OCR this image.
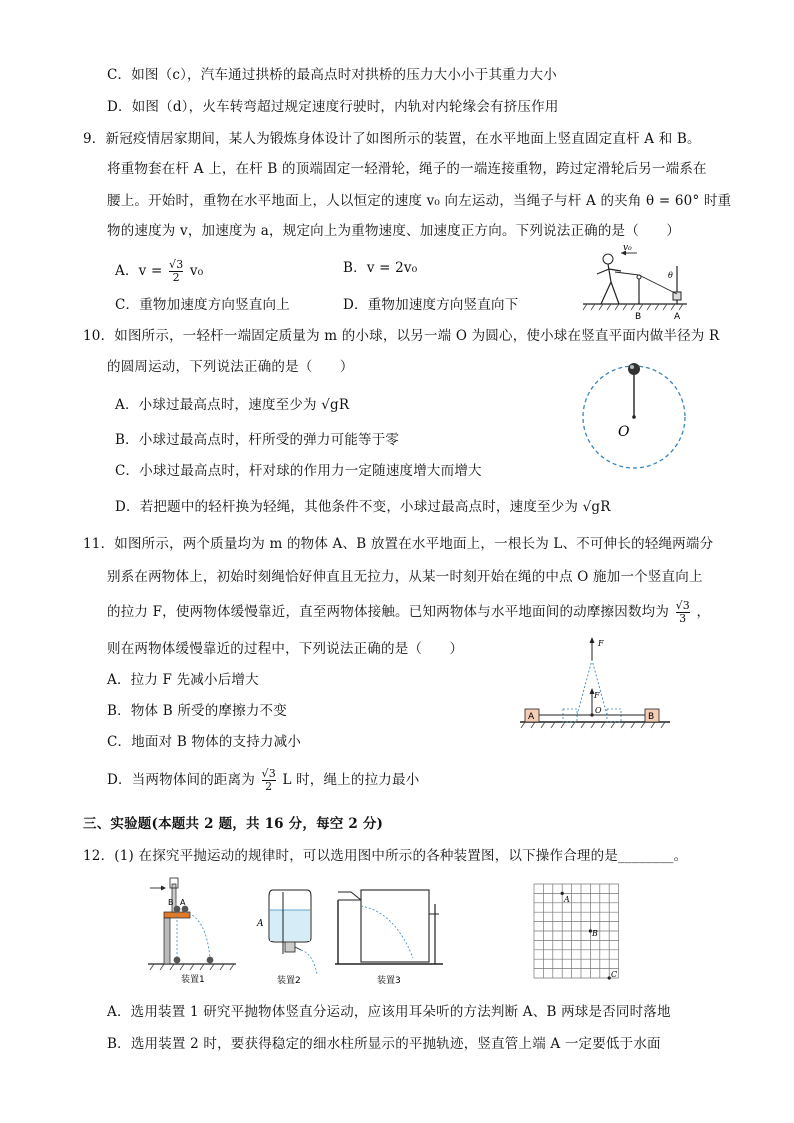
C．如图（c），汽车通过拱桥的最高点时对拱桥的压力大小小于其重力大小
D．如图（d），火车转弯超过规定速度行驶时，内轨对内轮缘会有挤压作用
9．新冠疫情居家期间，某人为锻炼身体设计了如图所示的装置，在水平地面上竖直固定直杆 A 和 B。
将重物套在杆 A 上，在杆 B 的顶端固定一轻滑轮，绳子的一端连接重物，跨过定滑轮后另一端系在
腰上。开始时，重物在水平地面上，人以恒定的速度 v₀ 向左运动，当绳子与杆 A 的夹角 θ = 60° 时重
物的速度为 v，加速度为 a，规定向上为重物速度、加速度正方向。下列说法正确的是（　　）
A．$v = \frac{√3}{2} v_0$	B．v = 2v₀
C．重物加速度方向竖直向上	D．重物加速度方向竖直向下
v₀
θ
B	A
10．如图所示，一轻杆一端固定质量为 m 的小球，以另一端 O 为圆心，使小球在竖直平面内做半径为 R
的圆周运动，下列说法正确的是（　　）
A．小球过最高点时，速度至少为 √gR
B．小球过最高点时，杆所受的弹力可能等于零
C．小球过最高点时，杆对球的作用力一定随速度增大而增大
D．若把题中的轻杆换为轻绳，其他条件不变，小球过最高点时，速度至少为 √gR
O
11．如图所示，两个质量均为 m 的物体 A、B 放置在水平地面上，一根长为 L、不可伸长的轻绳两端分
别系在两物体上，初始时刻绳恰好伸直且无拉力，从某一时刻开始在绳的中点 O 施加一个竖直向上
的拉力 F，使两物体缓慢靠近，直至两物体接触。已知两物体与水平地面间的动摩擦因数均为 $\frac{√3}{3}$ ，
则在两物体缓慢靠近的过程中，下列说法正确的是（　　）
A．拉力 F 先减小后增大
B．物体 B 所受的摩擦力不变
C．地面对 B 物体的支持力减小
D．当两物体间的距离为 $\frac{√3}{2}$ L 时，绳上的拉力最小
F
F
O
A	B
三、实验题(本题共 2 题，共 16 分，每空 2 分)
12．(1) 在探究平抛运动的规律时，可以选用图中所示的各种装置图，以下操作合理的是________。
B A
装置1
A
装置2	装置3
A
B
C
A．选用装置 1 研究平抛物体竖直分运动，应该用耳朵听的方法判断 A、B 两球是否同时落地
B．选用装置 2 时，要获得稳定的细水柱所显示的平抛轨迹，竖直管上端 A 一定要低于水面
